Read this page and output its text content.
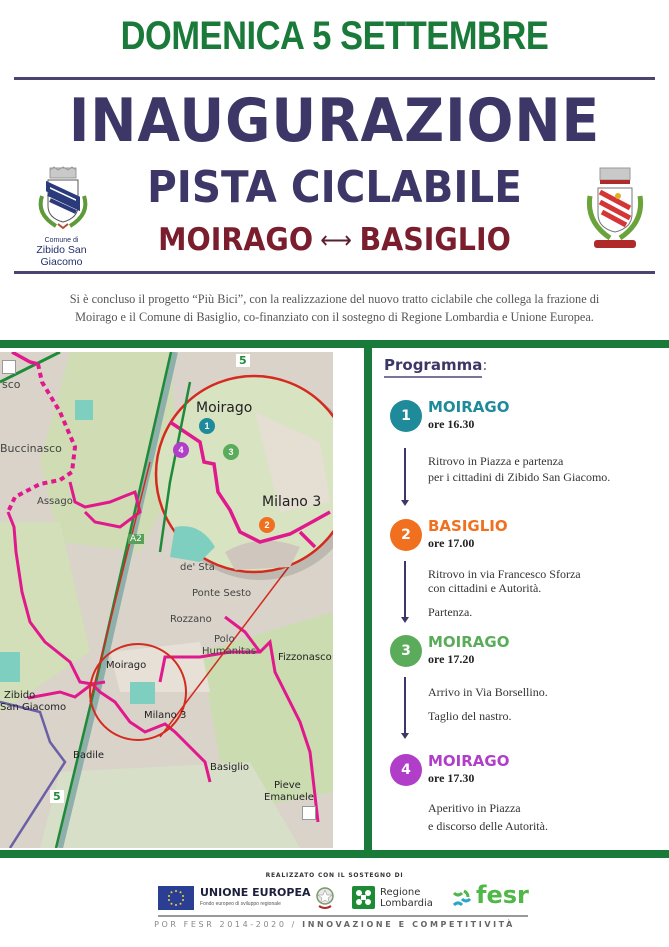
DOMENICA 5 SETTEMBRE
INAUGURAZIONE
PISTA CICLABILE
MOIRAGO ⟷ BASIGLIO
Comune di
Zibido San Giacomo
Si è concluso il progetto “Più Bici”, con la realizzazione del nuovo tratto ciclabile che collega la frazione di
Moirago e il Comune di Basiglio, co-finanziato con il sostegno di Regione Lombardia e Unione Europea.
1
2
3
4
Moirago
Milano 3
sco
Buccinasco
Assago
A2
de' Sta
Ponte Sesto
Rozzano
Polo
Humanitas
Fizzonasco
Moirago
Zibido
San Giacomo
Milano 3
Badile
Basiglio
Pieve
Emanuele
5
5	Programma:
1	MOIRAGO
ore 16.30
Ritrovo in Piazza e partenza
per i cittadini di Zibido San Giacomo.
2	BASIGLIO
ore 17.00
Ritrovo in via Francesco Sforza
con cittadini e Autorità.
Partenza.
3	MOIRAGO
ore 17.20
Arrivo in Via Borsellino.
Taglio del nastro.
4	MOIRAGO
ore 17.30
Aperitivo in Piazza
e discorso delle Autorità.
REALIZZATO CON IL SOSTEGNO DI
UNIONE EUROPEA
Fondo europeo di sviluppo regionale
Regione
Lombardia fesr
POR FESR 2014-2020 / INNOVAZIONE E COMPETITIVITÀ
